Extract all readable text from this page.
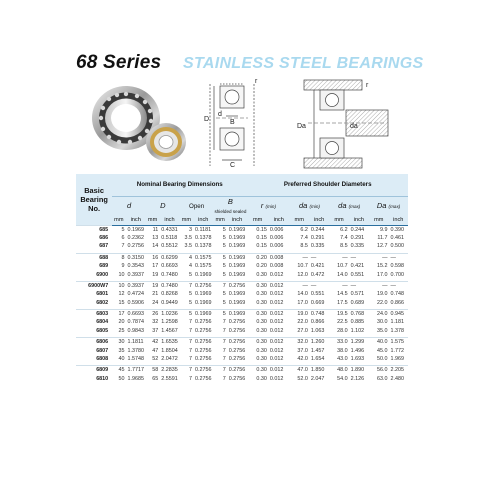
68 Series STAINLESS STEEL BEARINGS
D
d
B
C
r
Da	da
r
Basic
Bearing
No.	Nominal Bearing Dimensions								Preferred Shoulder Diameters							
	d		D		Open		B
shielded sealed		r (min)		da (min)		da (max)		Da (max)	
	mm	inch	mm	inch	mm	inch	mm	inch	mm	inch	mm	inch	mm	inch	mm	inch
685	5	0.1969	11	0.4331	3	0.1181	5	0.1969	0.15	0.006	6.2	0.244	6.2	0.244	9.9	0.390
686	6	0.2362	13	0.5118	3.5	0.1378	5	0.1969	0.15	0.006	7.4	0.291	7.4	0.291	11.7	0.461
687	7	0.2756	14	0.5512	3.5	0.1378	5	0.1969	0.15	0.006	8.5	0.335	8.5	0.335	12.7	0.500

688	8	0.3150	16	0.6299	4	0.1575	5	0.1969	0.20	0.008	—	—	—	—	—	—
689	9	0.3543	17	0.6693	4	0.1575	5	0.1969	0.20	0.008	10.7	0.421	10.7	0.421	15.2	0.598
6900	10	0.3937	19	0.7480	5	0.1969	5	0.1969	0.30	0.012	12.0	0.472	14.0	0.551	17.0	0.700

6900W7	10	0.3937	19	0.7480	7	0.2756	7	0.2756	0.30	0.012	—	—	—	—	—	—
6801	12	0.4724	21	0.8268	5	0.1969	5	0.1969	0.30	0.012	14.0	0.551	14.5	0.571	19.0	0.748
6802	15	0.5906	24	0.9449	5	0.1969	5	0.1969	0.30	0.012	17.0	0.669	17.5	0.689	22.0	0.866

6803	17	0.6693	26	1.0236	5	0.1969	5	0.1969	0.30	0.012	19.0	0.748	19.5	0.768	24.0	0.945
6804	20	0.7874	32	1.2598	7	0.2756	7	0.2756	0.30	0.012	22.0	0.866	22.5	0.885	30.0	1.181
6805	25	0.9843	37	1.4567	7	0.2756	7	0.2756	0.30	0.012	27.0	1.063	28.0	1.102	35.0	1.378

6806	30	1.1811	42	1.6535	7	0.2756	7	0.2756	0.30	0.012	32.0	1.260	33.0	1.299	40.0	1.575
6807	35	1.3780	47	1.8504	7	0.2756	7	0.2756	0.30	0.012	37.0	1.457	38.0	1.496	45.0	1.772
6808	40	1.5748	52	2.0472	7	0.2756	7	0.2756	0.30	0.012	42.0	1.654	43.0	1.693	50.0	1.969

6809	45	1.7717	58	2.2835	7	0.2756	7	0.2756	0.30	0.012	47.0	1.850	48.0	1.890	56.0	2.205
6810	50	1.9685	65	2.5591	7	0.2756	7	0.2756	0.30	0.012	52.0	2.047	54.0	2.126	63.0	2.480
